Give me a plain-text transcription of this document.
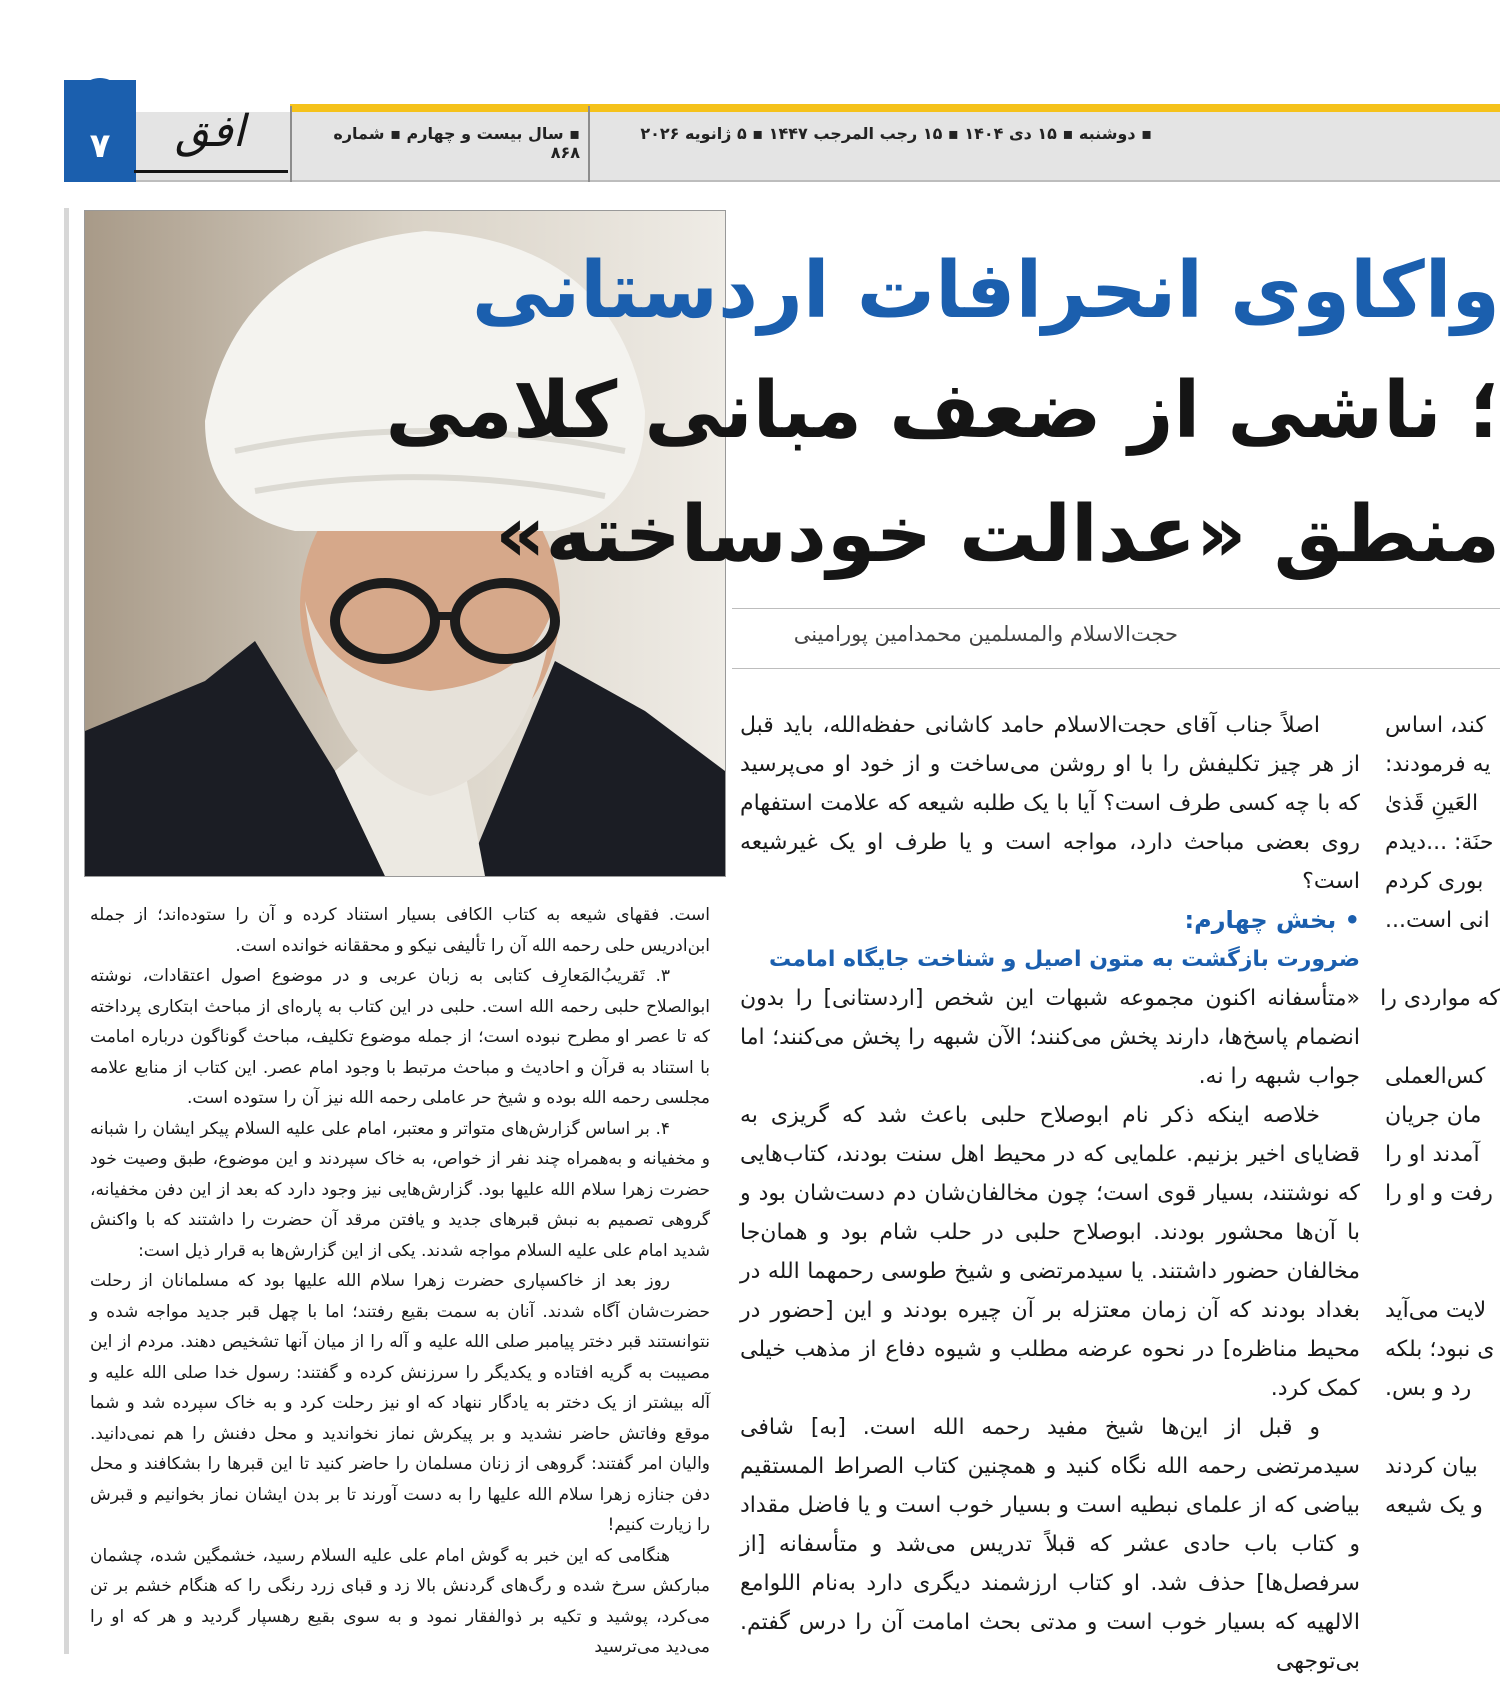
▪ دوشنبه ▪ ۱۵ دی ۱۴۰۴ ▪ ۱۵ رجب المرجب ۱۴۴۷ ▪ ۵ ژانویه ۲۰۲۶
▪ سال بیست و چهارم ▪ شماره ۸۶۸
۷	افق
واکاوی انحرافات اردستانی
؛ ناشی از ضعف مبانی کلامی
منطق «عدالت خودساخته»
حجت‌الاسلام والمسلمین محمدامین پورامینی

اصلاً جناب آقای حجت‌الاسلام حامد کاشانی حفظه‌الله، باید قبل از هر چیز تکلیفش را با او روشن می‌ساخت و از خود او می‌پرسید که با چه کسی طرف است؟ آیا با یک طلبه شیعه که علامت استفهام روی بعضی مباحث دارد، مواجه است و یا طرف او یک غیرشیعه است؟

• بخش چهارم:

ضرورت بازگشت به متون اصیل و شناخت جایگاه امامت

«متأسفانه اکنون مجموعه شبهات این شخص [اردستانی] را بدون انضمام پاسخ‌ها، دارند پخش می‌کنند؛ الآن شبهه را پخش می‌کنند؛ اما جواب شبهه را نه.

خلاصه اینکه ذکر نام ابوصلاح حلبی باعث شد که گریزی به قضایای اخیر بزنیم. علمایی که در محیط اهل سنت بودند، کتاب‌هایی که نوشتند، بسیار قوی است؛ چون مخالفان‌شان دم دست‌شان بود و با آن‌ها محشور بودند. ابوصلاح حلبی در حلب شام بود و همان‌جا مخالفان حضور داشتند. یا سیدمرتضی و شیخ طوسی رحمهما الله در بغداد بودند که آن زمان معتزله بر آن چیره بودند و این [حضور در محیط مناظره] در نحوه عرضه مطلب و شیوه دفاع از مذهب خیلی کمک کرد.

و قبل از این‌ها شیخ مفید رحمه الله است. [به] شافی سیدمرتضی رحمه الله نگاه کنید و همچنین کتاب الصراط المستقیم بیاضی که از علمای نبطیه است و بسیار خوب است و یا فاضل مقداد و کتاب باب حادی عشر که قبلاً تدریس می‌شد و متأسفانه [از سرفصل‌ها] حذف شد. او کتاب ارزشمند دیگری دارد به‌نام اللوامع الالهیه که بسیار خوب است و مدتی بحث امامت آن را درس گفتم. بی‌توجهی

است. فقهای شیعه به کتاب الکافی بسیار استناد کرده و آن را ستوده‌اند؛ از جمله ابن‌ادریس حلی رحمه الله آن را تألیفی نیکو و محققانه خوانده است.

۳. تَقریبُ‌المَعارِف کتابی به زبان عربی و در موضوع اصول اعتقادات، نوشته ابوالصلاح حلبی رحمه الله است. حلبی در این کتاب به پاره‌ای از مباحث ابتکاری پرداخته که تا عصر او مطرح نبوده است؛ از جمله موضوع تکلیف، مباحث گوناگون درباره امامت با استناد به قرآن و احادیث و مباحث مرتبط با وجود امام عصر. این کتاب از منابع علامه مجلسی رحمه الله بوده و شیخ حر عاملی رحمه الله نیز آن را ستوده است.

۴. بر اساس گزارش‌های متواتر و معتبر، امام علی علیه السلام پیکر ایشان را شبانه و مخفیانه و به‌همراه چند نفر از خواص، به خاک سپردند و این موضوع، طبق وصیت خود حضرت زهرا سلام الله علیها بود. گزارش‌هایی نیز وجود دارد که بعد از این دفن مخفیانه، گروهی تصمیم به نبش قبرهای جدید و یافتن مرقد آن حضرت را داشتند که با واکنش شدید امام علی علیه السلام مواجه شدند. یکی از این گزارش‌ها به قرار ذیل است:

روز بعد از خاکسپاری حضرت زهرا سلام الله علیها بود که مسلمانان از رحلت حضرت‌شان آگاه شدند. آنان به سمت بقیع رفتند؛ اما با چهل قبر جدید مواجه شده و نتوانستند قبر دختر پیامبر صلی الله علیه و آله را از میان آنها تشخیص دهند. مردم از این مصیبت به گریه افتاده و یکدیگر را سرزنش کرده و گفتند: رسول خدا صلی الله علیه و آله بیشتر از یک دختر به یادگار ننهاد که او نیز رحلت کرد و به خاک سپرده شد و شما موقع وفاتش حاضر نشدید و بر پیکرش نماز نخواندید و محل دفنش را هم نمی‌دانید. والیان امر گفتند: گروهی از زنان مسلمان را حاضر کنید تا این قبرها را بشکافند و محل دفن جنازه زهرا سلام الله علیها را به دست آورند تا بر بدن ایشان نماز بخوانیم و قبرش را زیارت کنیم!

هنگامی که این خبر به گوش امام علی علیه السلام رسید، خشمگین شده، چشمان مبارکش سرخ شده و رگ‌های گردنش بالا زد و قبای زرد رنگی را که هنگام خشم بر تن می‌کرد، پوشید و تکیه بر ذوالفقار نمود و به سوی بقیع رهسپار گردید و هر که او را می‌دید می‌ترسید

کند، اساس

یه فرمودند:

العَینِ قَذیٰ

حنَة: ...دیدم

بوری کردم

انی است...

که مواردی را

کس‌العملی

مان جریان

آمدند او را

رفت و او را

لایت می‌آید

ی نبود؛ بلکه

رد و بس.

بیان کردند

و یک شیعه
